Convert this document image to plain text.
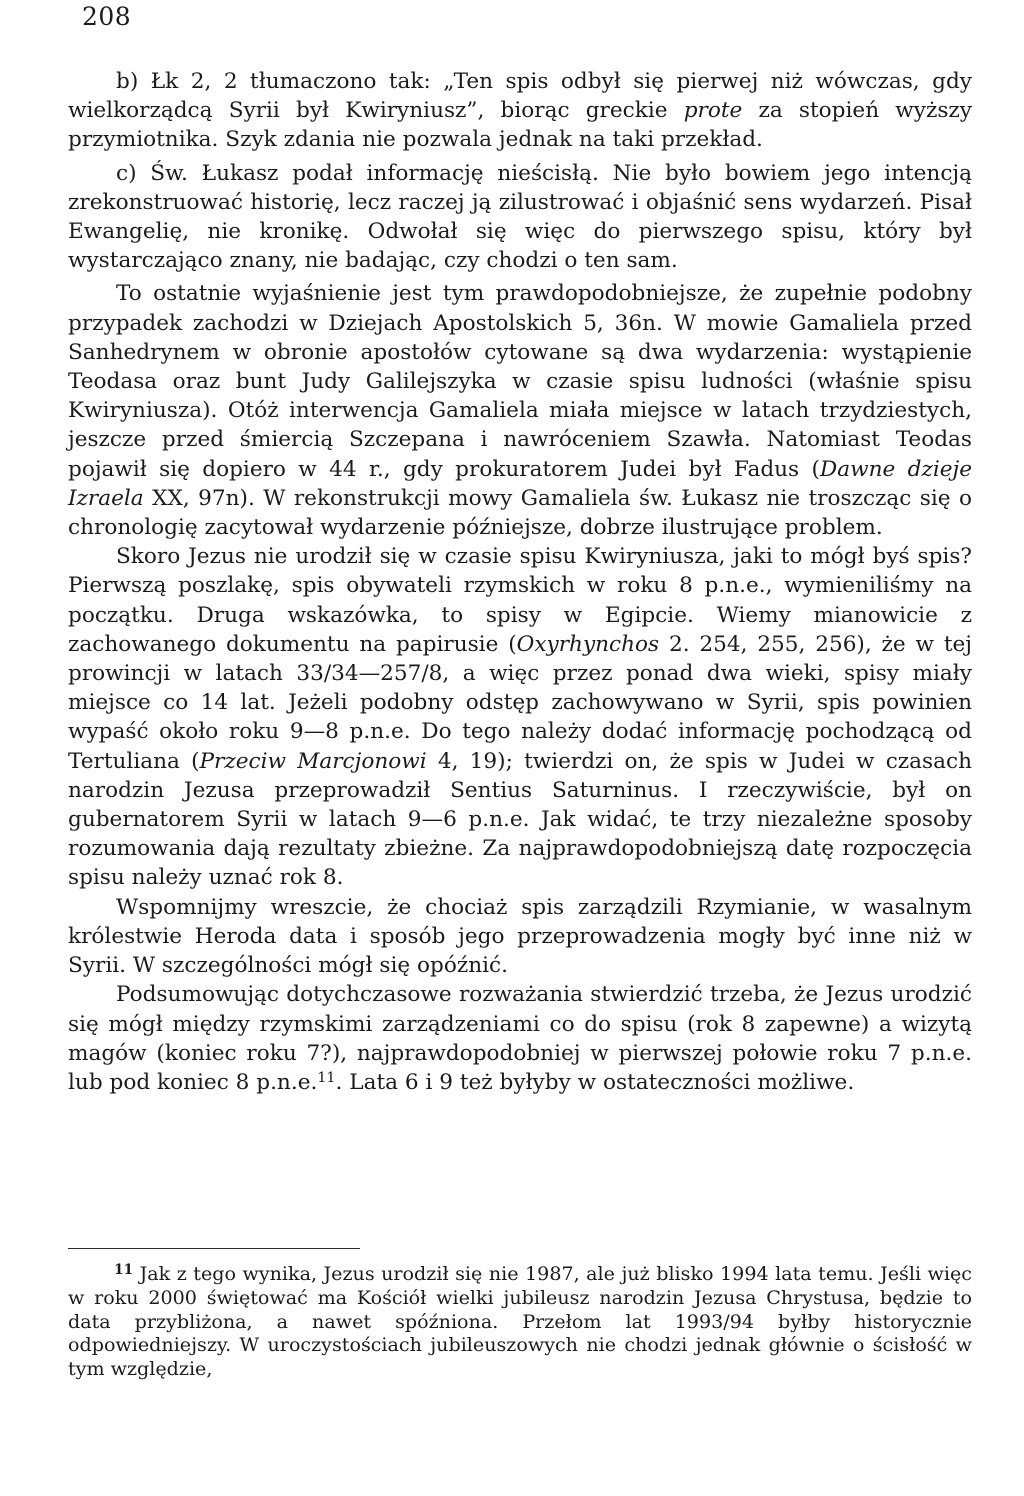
208

b) Łk 2, 2 tłumaczono tak: „Ten spis odbył się pierwej niż wówczas, gdy wielkorządcą Syrii był Kwiryniusz”, biorąc greckie prote za stopień wyższy przymiotnika. Szyk zdania nie pozwala jednak na taki przekład.

c) Św. Łukasz podał informację nieścisłą. Nie było bowiem jego intencją zrekonstruować historię, lecz raczej ją zilustrować i objaśnić sens wydarzeń. Pisał Ewangelię, nie kronikę. Odwołał się więc do pierwszego spisu, który był wystarczająco znany, nie badając, czy chodzi o ten sam.

To ostatnie wyjaśnienie jest tym prawdopodobniejsze, że zupełnie podobny przypadek zachodzi w Dziejach Apostolskich 5, 36n. W mowie Gamaliela przed Sanhedrynem w obronie apostołów cytowane są dwa wydarzenia: wystąpienie Teodasa oraz bunt Judy Galilejszyka w czasie spisu ludności (właśnie spisu Kwiryniusza). Otóż interwencja Gamaliela miała miejsce w latach trzydziestych, jeszcze przed śmiercią Szczepana i nawróceniem Szawła. Natomiast Teodas pojawił się dopiero w 44 r., gdy prokuratorem Judei był Fadus (Dawne dzieje Izraela XX, 97n). W rekonstrukcji mowy Gamaliela św. Łukasz nie troszcząc się o chronologię zacytował wydarzenie późniejsze, dobrze ilustrujące problem.

Skoro Jezus nie urodził się w czasie spisu Kwiryniusza, jaki to mógł byś spis? Pierwszą poszlakę, spis obywateli rzymskich w roku 8 p.n.e., wymieniliśmy na początku. Druga wskazówka, to spisy w Egipcie. Wiemy mianowicie z zachowanego dokumentu na papirusie (Oxyrhynchos 2. 254, 255, 256), że w tej prowincji w latach 33/34—257/8, a więc przez ponad dwa wieki, spisy miały miejsce co 14 lat. Jeżeli podobny odstęp zachowywano w Syrii, spis powinien wypaść około roku 9—8 p.n.e. Do tego należy dodać informację pochodzącą od Tertuliana (Przeciw Marcjonowi 4, 19); twierdzi on, że spis w Judei w czasach narodzin Jezusa przeprowadził Sentius Saturninus. I rzeczywiście, był on gubernatorem Syrii w latach 9—6 p.n.e. Jak widać, te trzy niezależne sposoby rozumowania dają rezultaty zbieżne. Za najprawdopodobniejszą datę rozpoczęcia spisu należy uznać rok 8.

Wspomnijmy wreszcie, że chociaż spis zarządzili Rzymianie, w wasalnym królestwie Heroda data i sposób jego przeprowadzenia mogły być inne niż w Syrii. W szczególności mógł się opóźnić.

Podsumowując dotychczasowe rozważania stwierdzić trzeba, że Jezus urodzić się mógł między rzymskimi zarządzeniami co do spisu (rok 8 zapewne) a wizytą magów (koniec roku 7?), najprawdopodobniej w pierwszej połowie roku 7 p.n.e. lub pod koniec 8 p.n.e.$^{11}$. Lata 6 i 9 też byłyby w ostateczności możliwe.

$^{11}$ Jak z tego wynika, Jezus urodził się nie 1987, ale już blisko 1994 lata temu. Jeśli więc w roku 2000 świętować ma Kościół wielki jubileusz narodzin Jezusa Chrystusa, będzie to data przybliżona, a nawet spóźniona. Przełom lat 1993/94 byłby historycznie odpowiedniejszy. W uroczystościach jubileuszowych nie chodzi jednak głównie o ścisłość w tym względzie,
